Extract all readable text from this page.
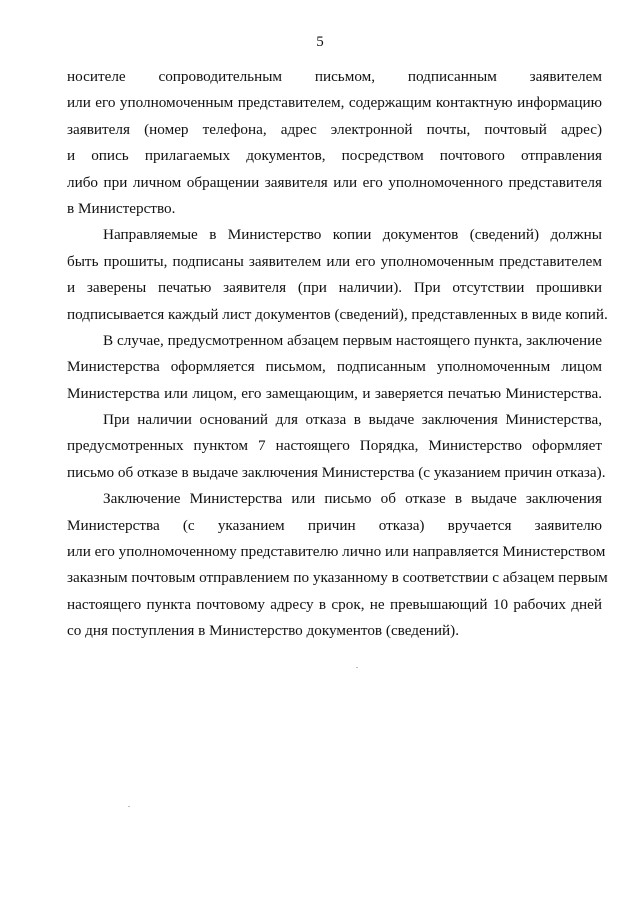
5
носителе сопроводительным письмом, подписанным заявителем
или его уполномоченным представителем, содержащим контактную информацию
заявителя (номер телефона, адрес электронной почты, почтовый адрес)
и опись прилагаемых документов, посредством почтового отправления
либо при личном обращении заявителя или его уполномоченного представителя
в Министерство.
Направляемые в Министерство копии документов (сведений) должны
быть прошиты, подписаны заявителем или его уполномоченным представителем
и заверены печатью заявителя (при наличии). При отсутствии прошивки
подписывается каждый лист документов (сведений), представленных в виде копий.
В случае, предусмотренном абзацем первым настоящего пункта, заключение
Министерства оформляется письмом, подписанным уполномоченным лицом
Министерства или лицом, его замещающим, и заверяется печатью Министерства.
При наличии оснований для отказа в выдаче заключения Министерства,
предусмотренных пунктом 7 настоящего Порядка, Министерство оформляет
письмо об отказе в выдаче заключения Министерства (с указанием причин отказа).
Заключение Министерства или письмо об отказе в выдаче заключения
Министерства (с указанием причин отказа) вручается заявителю
или его уполномоченному представителю лично или направляется Министерством
заказным почтовым отправлением по указанному в соответствии с абзацем первым
настоящего пункта почтовому адресу в срок, не превышающий 10 рабочих дней
со дня поступления в Министерство документов (сведений).
